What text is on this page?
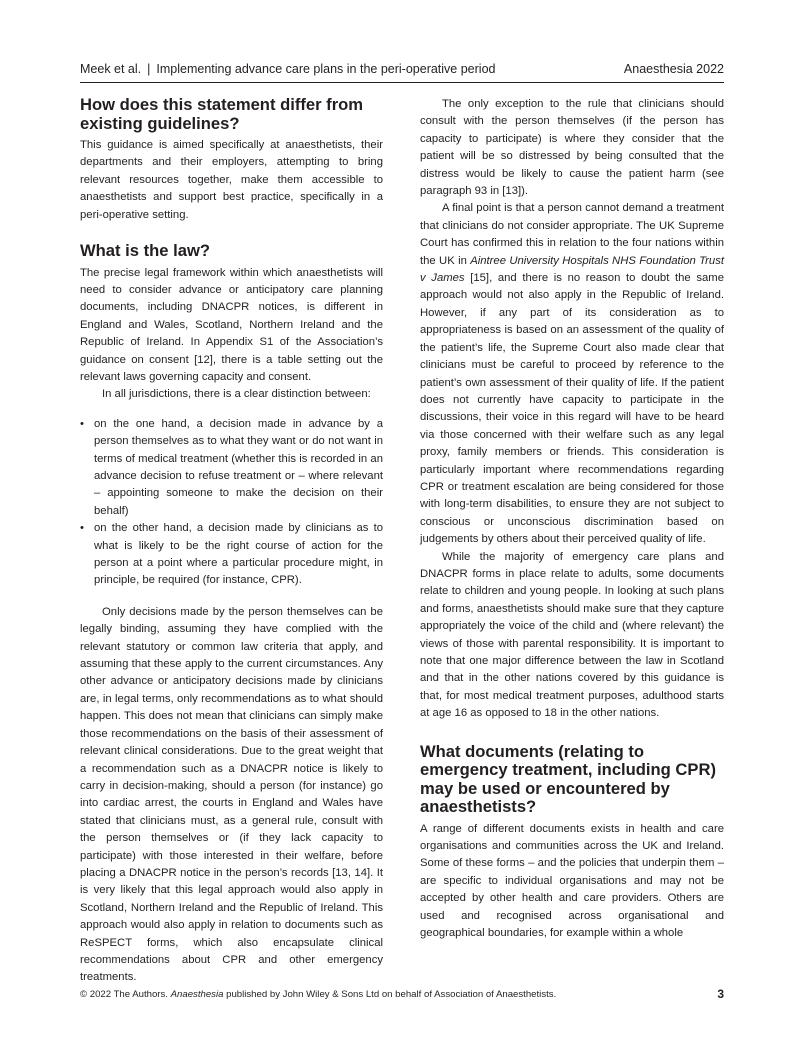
Meek et al. | Implementing advance care plans in the peri-operative period	Anaesthesia 2022
How does this statement differ from existing guidelines?

This guidance is aimed specifically at anaesthetists, their departments and their employers, attempting to bring relevant resources together, make them accessible to anaesthetists and support best practice, specifically in a peri-operative setting.

What is the law?

The precise legal framework within which anaesthetists will need to consider advance or anticipatory care planning documents, including DNACPR notices, is different in England and Wales, Scotland, Northern Ireland and the Republic of Ireland. In Appendix S1 of the Association’s guidance on consent [12], there is a table setting out the relevant laws governing capacity and consent.

In all jurisdictions, there is a clear distinction between:

• on the one hand, a decision made in advance by a person themselves as to what they want or do not want in terms of medical treatment (whether this is recorded in an advance decision to refuse treatment or – where relevant – appointing someone to make the decision on their behalf)
• on the other hand, a decision made by clinicians as to what is likely to be the right course of action for the person at a point where a particular procedure might, in principle, be required (for instance, CPR).

Only decisions made by the person themselves can be legally binding, assuming they have complied with the relevant statutory or common law criteria that apply, and assuming that these apply to the current circumstances. Any other advance or anticipatory decisions made by clinicians are, in legal terms, only recommendations as to what should happen. This does not mean that clinicians can simply make those recommendations on the basis of their assessment of relevant clinical considerations. Due to the great weight that a recommendation such as a DNACPR notice is likely to carry in decision-making, should a person (for instance) go into cardiac arrest, the courts in England and Wales have stated that clinicians must, as a general rule, consult with the person themselves or (if they lack capacity to participate) with those interested in their welfare, before placing a DNACPR notice in the person’s records [13, 14]. It is very likely that this legal approach would also apply in Scotland, Northern Ireland and the Republic of Ireland. This approach would also apply in relation to documents such as ReSPECT forms, which also encapsulate clinical recommendations about CPR and other emergency treatments.

The only exception to the rule that clinicians should consult with the person themselves (if the person has capacity to participate) is where they consider that the patient will be so distressed by being consulted that the distress would be likely to cause the patient harm (see paragraph 93 in [13]).

A final point is that a person cannot demand a treatment that clinicians do not consider appropriate. The UK Supreme Court has confirmed this in relation to the four nations within the UK in Aintree University Hospitals NHS Foundation Trust v James [15], and there is no reason to doubt the same approach would not also apply in the Republic of Ireland. However, if any part of its consideration as to appropriateness is based on an assessment of the quality of the patient’s life, the Supreme Court also made clear that clinicians must be careful to proceed by reference to the patient’s own assessment of their quality of life. If the patient does not currently have capacity to participate in the discussions, their voice in this regard will have to be heard via those concerned with their welfare such as any legal proxy, family members or friends. This consideration is particularly important where recommendations regarding CPR or treatment escalation are being considered for those with long-term disabilities, to ensure they are not subject to conscious or unconscious discrimination based on judgements by others about their perceived quality of life.

While the majority of emergency care plans and DNACPR forms in place relate to adults, some documents relate to children and young people. In looking at such plans and forms, anaesthetists should make sure that they capture appropriately the voice of the child and (where relevant) the views of those with parental responsibility. It is important to note that one major difference between the law in Scotland and that in the other nations covered by this guidance is that, for most medical treatment purposes, adulthood starts at age 16 as opposed to 18 in the other nations.

What documents (relating to emergency treatment, including CPR) may be used or encountered by anaesthetists?

A range of different documents exists in health and care organisations and communities across the UK and Ireland. Some of these forms – and the policies that underpin them – are specific to individual organisations and may not be accepted by other health and care providers. Others are used and recognised across organisational and geographical boundaries, for example within a whole

© 2022 The Authors. Anaesthesia published by John Wiley & Sons Ltd on behalf of Association of Anaesthetists.	3
